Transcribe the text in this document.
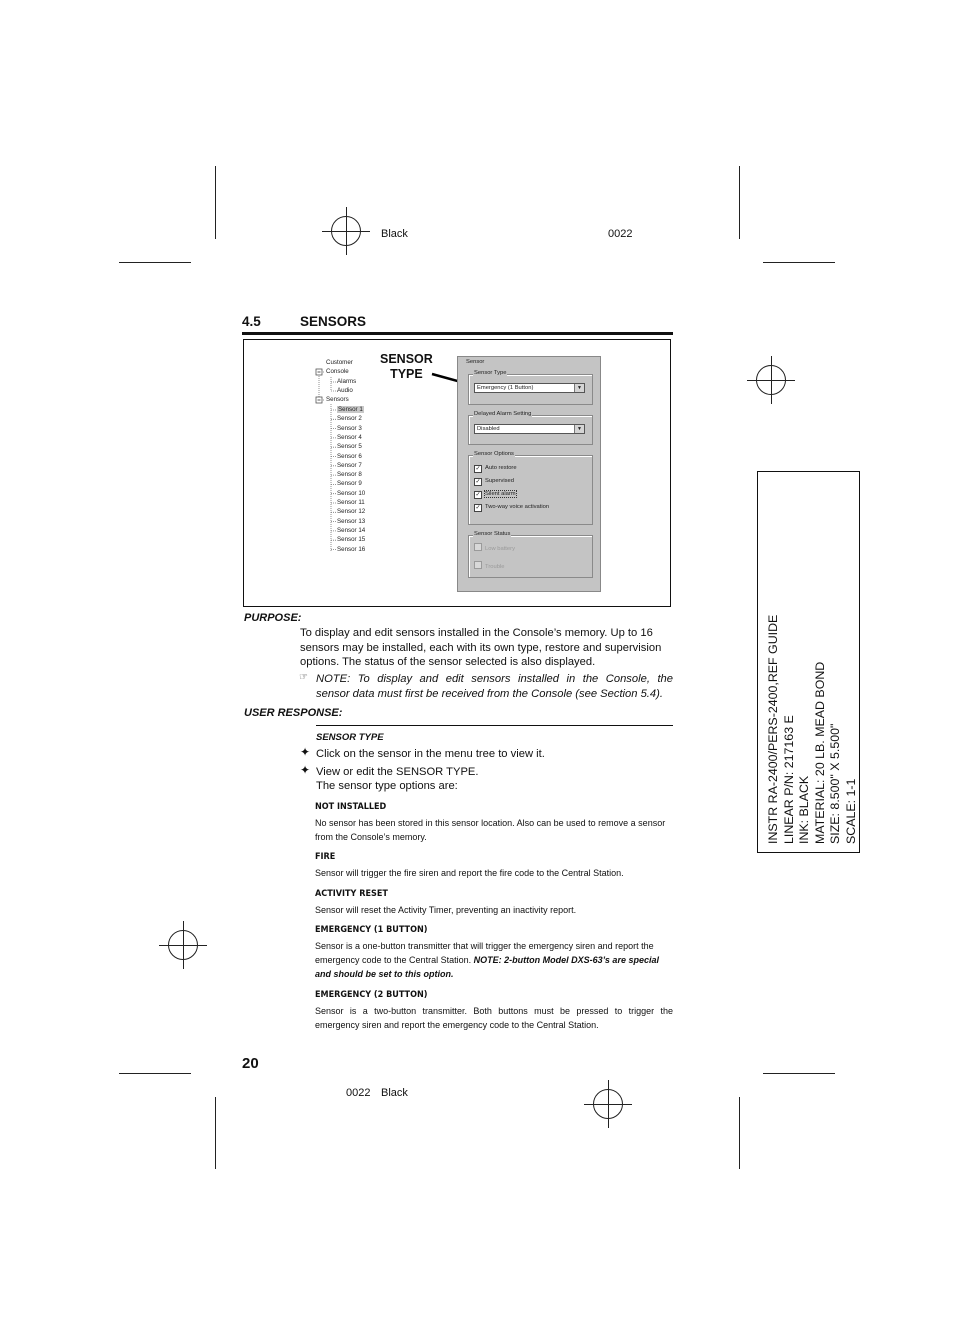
Black	0022
0022 Black
4.5	SENSORS
Customer
Console
Alarms
Audio
Sensors
Sensor 1
Sensor 2
Sensor 3
Sensor 4
Sensor 5
Sensor 6
Sensor 7
Sensor 8
Sensor 9
Sensor 10
Sensor 11
Sensor 12
Sensor 13
Sensor 14
Sensor 15
Sensor 16
SENSOR
TYPE
Sensor
Sensor Type
Emergency (1 Button)	▼
Delayed Alarm Setting
Disabled	▼
Sensor Options
✓ Auto restore
✓ Supervised
✓ Silent alarm
✓ Two-way voice activation
Sensor Status
Low battery
Trouble
PURPOSE:
To display and edit sensors installed in the Console’s memory. Up to 16
sensors may be installed, each with its own type, restore and supervision
options. The status of the sensor selected is also displayed.
☞ NOTE: To display and edit sensors installed in the Console, the
sensor data must first be received from the Console (see Section 5.4).
USER RESPONSE:
SENSOR TYPE
✦ Click on the sensor in the menu tree to view it.
✦ View or edit the SENSOR TYPE.
The sensor type options are:
NOT INSTALLED
No sensor has been stored in this sensor location. Also can be used to remove a sensor
from the Console’s memory.
FIRE
Sensor will trigger the fire siren and report the fire code to the Central Station.
ACTIVITY RESET
Sensor will reset the Activity Timer, preventing an inactivity report.
EMERGENCY (1 BUTTON)
Sensor is a one-button transmitter that will trigger the emergency siren and report the
emergency code to the Central Station. NOTE: 2-button Model DXS-63’s are special
and should be set to this option.
EMERGENCY (2 BUTTON)
Sensor is a two-button transmitter. Both buttons must be pressed to trigger the
emergency siren and report the emergency code to the Central Station.
20
INSTR RA-2400/PERS-2400,REF GUIDE LINEAR P/N: 217163 E INK: BLACK MATERIAL: 20 LB. MEAD BOND SIZE: 8.500" X 5.500" SCALE: 1-1
